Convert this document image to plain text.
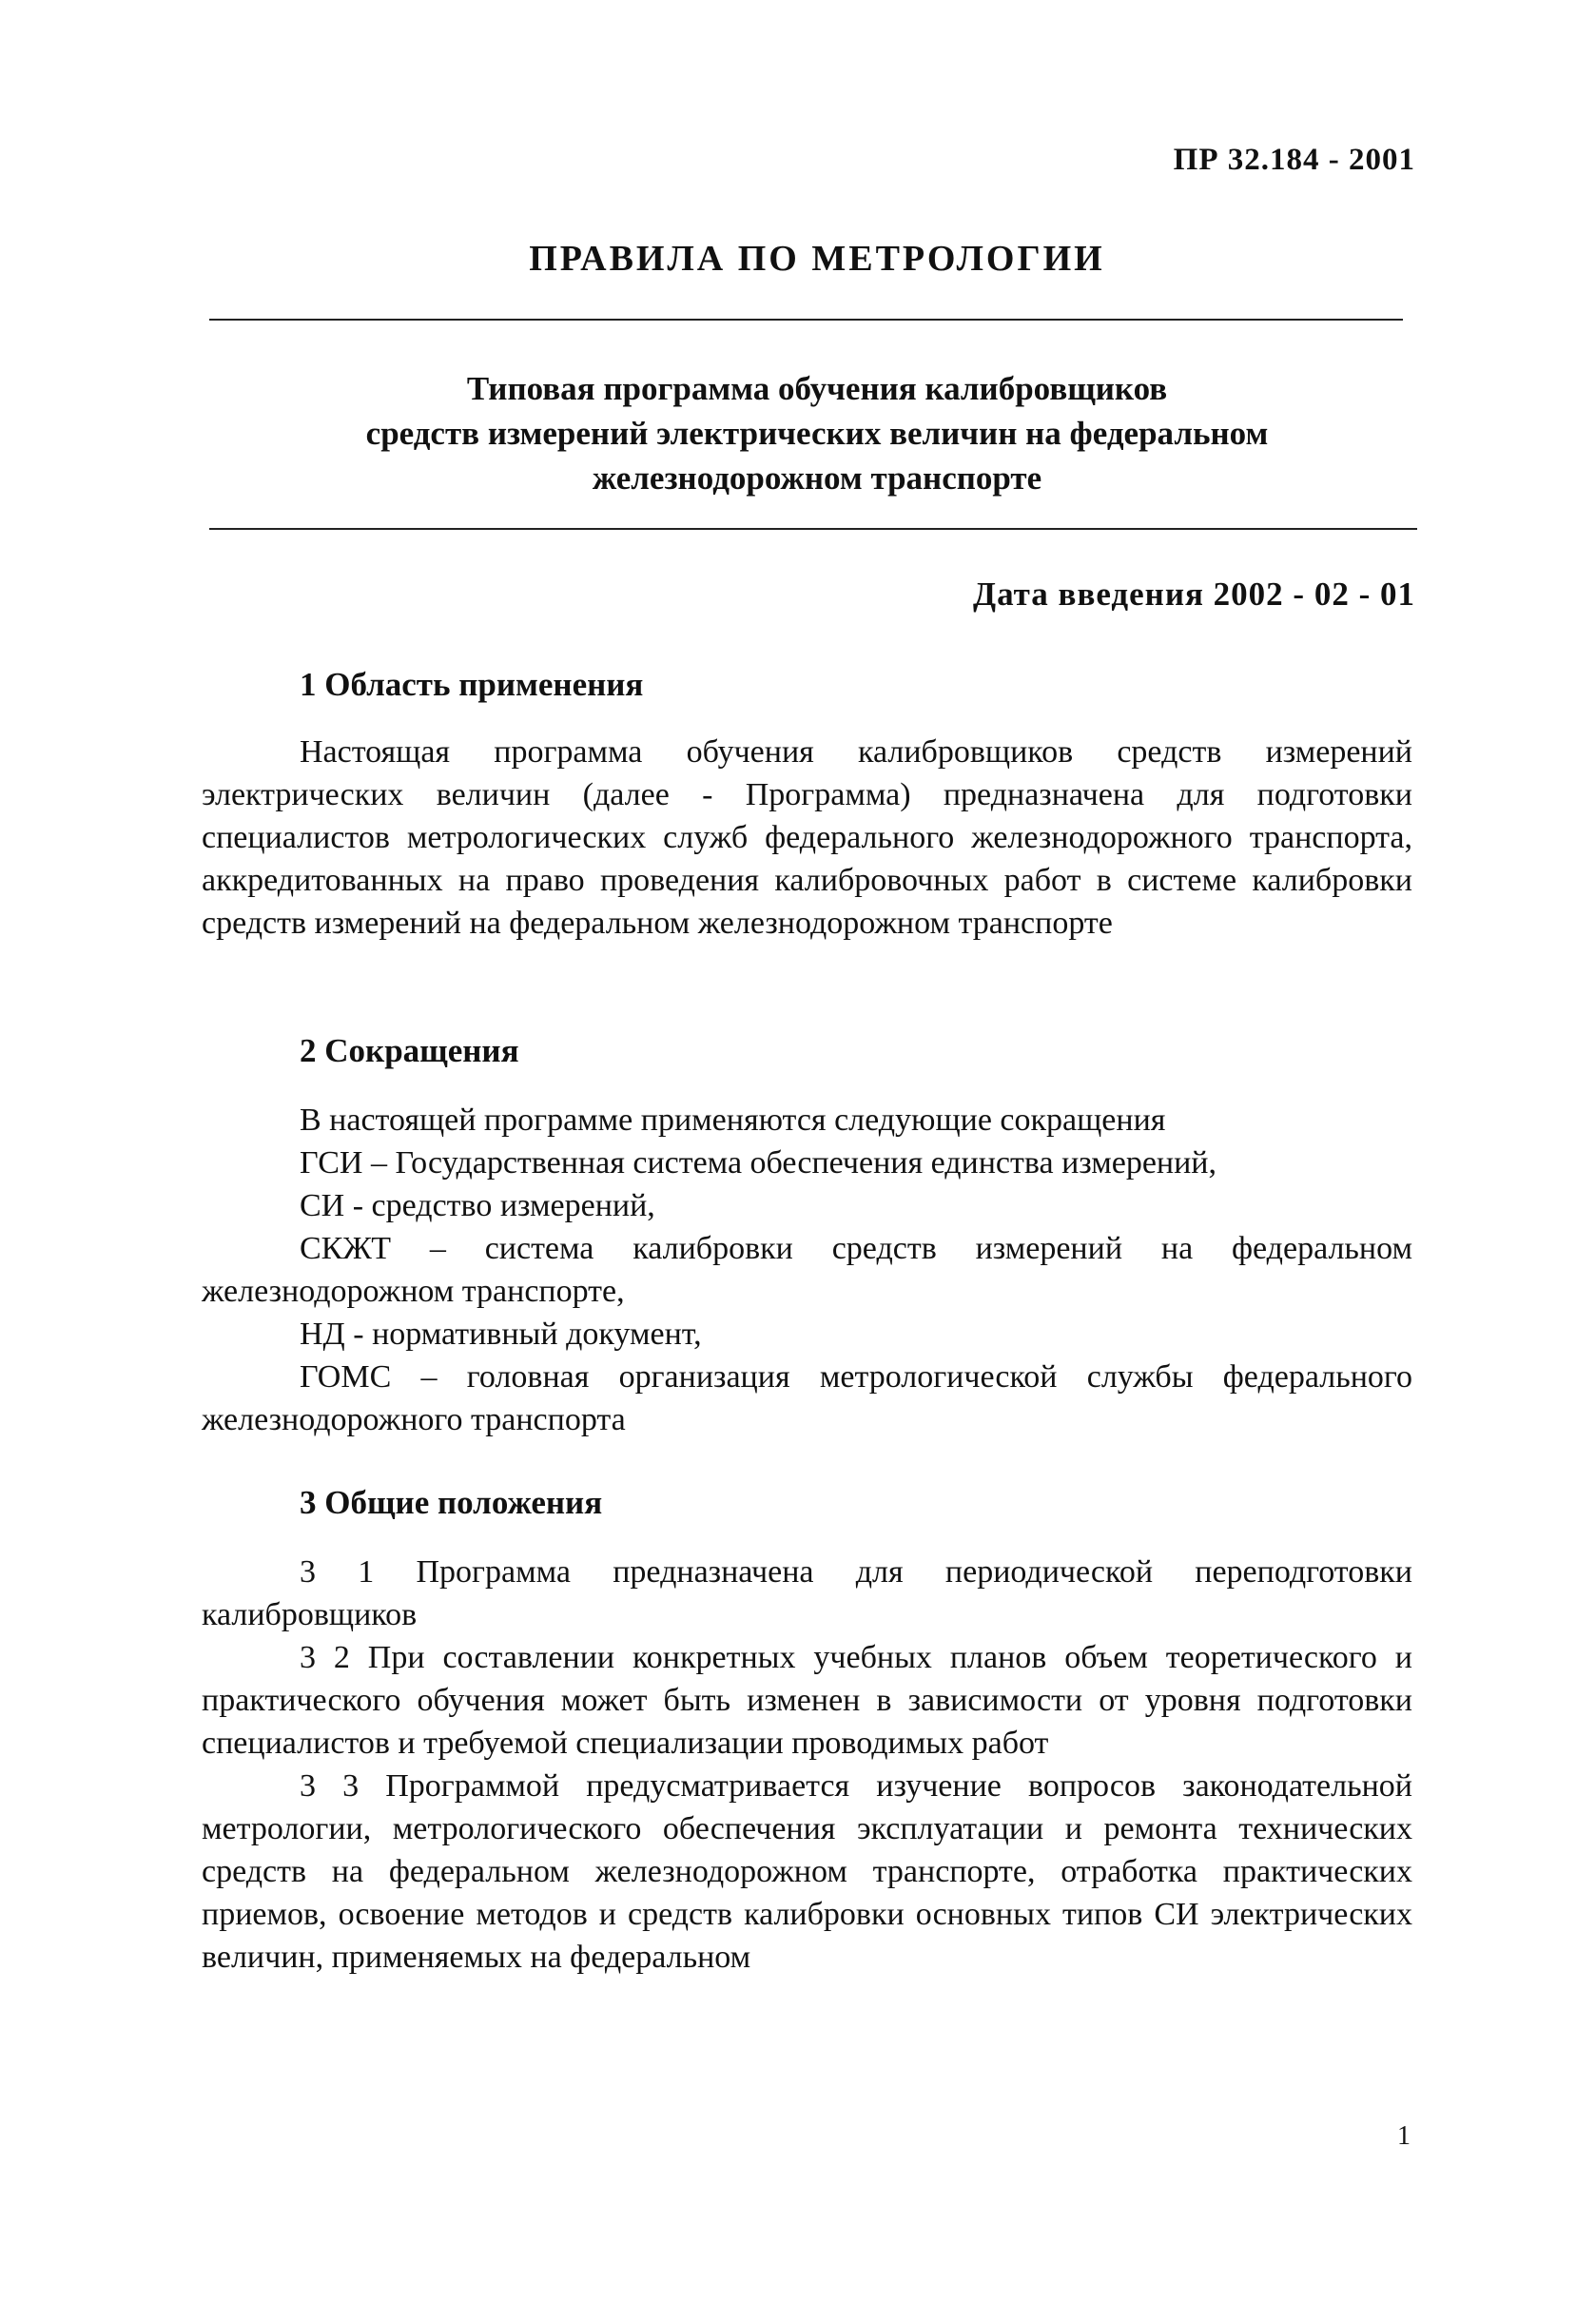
ПР 32.184 - 2001
ПРАВИЛА ПО МЕТРОЛОГИИ
Типовая программа обучения калибровщиков
средств измерений электрических величин на федеральном
железнодорожном транспорте
Дата введения 2002 - 02 - 01
1 Область применения
Настоящая программа обучения калибровщиков средств измерений электрических величин (далее - Программа) предназначена для подготовки специалистов метрологических служб федерального железнодорожного транспорта, аккредитованных на право проведения калибровочных работ в системе калибровки средств измерений на федеральном железнодорожном транспорте
2 Сокращения
В настоящей программе применяются следующие сокращения
ГСИ – Государственная система обеспечения единства измерений,
СИ - средство измерений,
СКЖТ – система калибровки средств измерений на федеральном железнодорожном транспорте,
НД - нормативный документ,
ГОМС – головная организация метрологической службы федерального железнодорожного транспорта
3 Общие положения
3 1 Программа предназначена для периодической переподготовки калибровщиков
3 2 При составлении конкретных учебных планов объем теоретического и практического обучения может быть изменен в зависимости от уровня подготовки специалистов и требуемой специализации проводимых работ
3 3 Программой предусматривается изучение вопросов законодательной метрологии, метрологического обеспечения эксплуатации и ремонта технических средств на федеральном железнодорожном транспорте, отработка практических приемов, освоение методов и средств калибровки основных типов СИ электрических величин, применяемых на федеральном
1
